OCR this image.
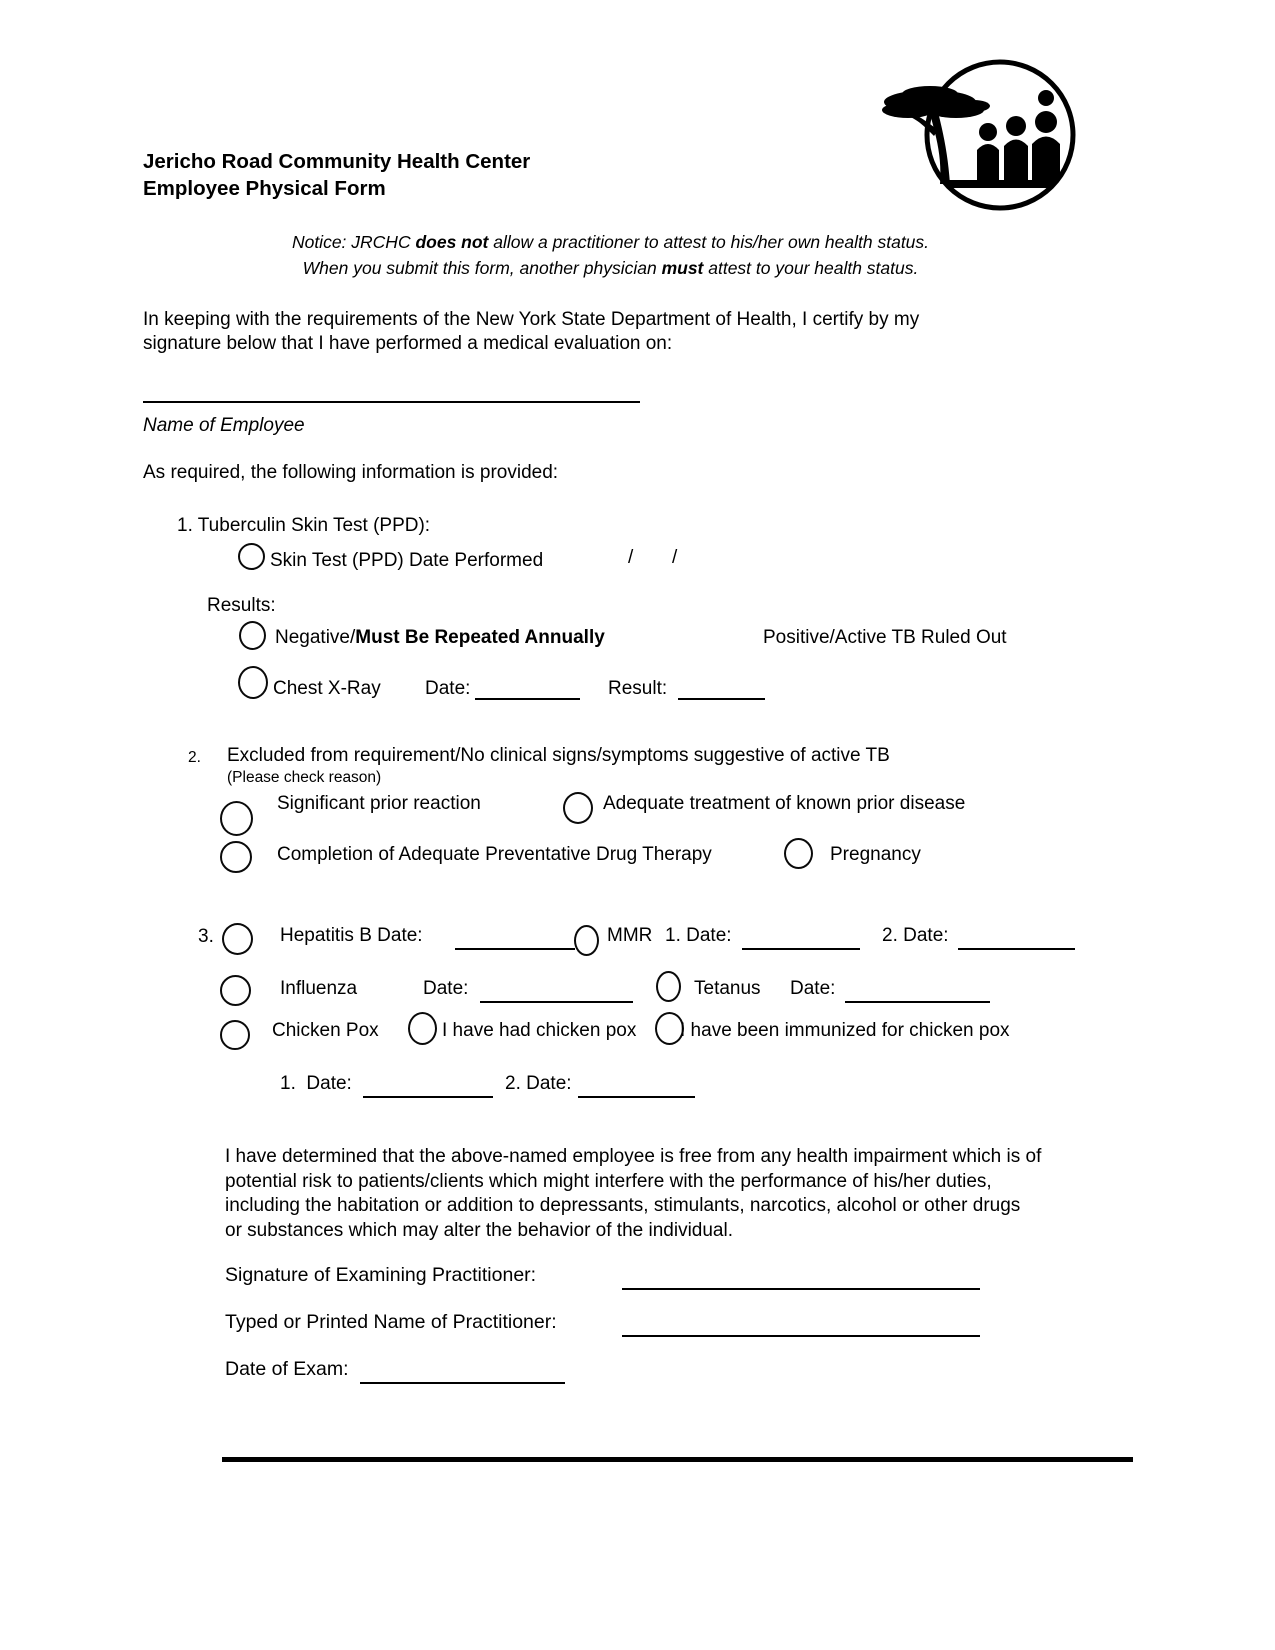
Jericho Road Community Health Center
Employee Physical Form
Notice: JRCHC does not allow a practitioner to attest to his/her own health status.
When you submit this form, another physician must attest to your health status.
In keeping with the requirements of the New York State Department of Health, I certify by my
signature below that I have performed a medical evaluation on:
Name of Employee
As required, the following information is provided:
1. Tuberculin Skin Test (PPD):
Skin Test (PPD) Date Performed	/ /
Results:
Negative/Must Be Repeated Annually	Positive/Active TB Ruled Out
Chest X-Ray Date:	Result:
2. Excluded from requirement/No clinical signs/symptoms suggestive of active TB
(Please check reason)
Significant prior reaction	Adequate treatment of known prior disease
Completion of Adequate Preventative Drug Therapy	Pregnancy
3.	Hepatitis B Date:	MMR 1. Date:	2. Date:
Influenza	Date:	Tetanus Date:
Chicken Pox	I have had chicken pox I have been immunized for chicken pox
1.  Date:	2. Date:
I have determined that the above-named employee is free from any health impairment which is of
potential risk to patients/clients which might interfere with the performance of his/her duties,
including the habitation or addition to depressants, stimulants, narcotics, alcohol or other drugs
or substances which may alter the behavior of the individual.
Signature of Examining Practitioner:
Typed or Printed Name of Practitioner:
Date of Exam:
